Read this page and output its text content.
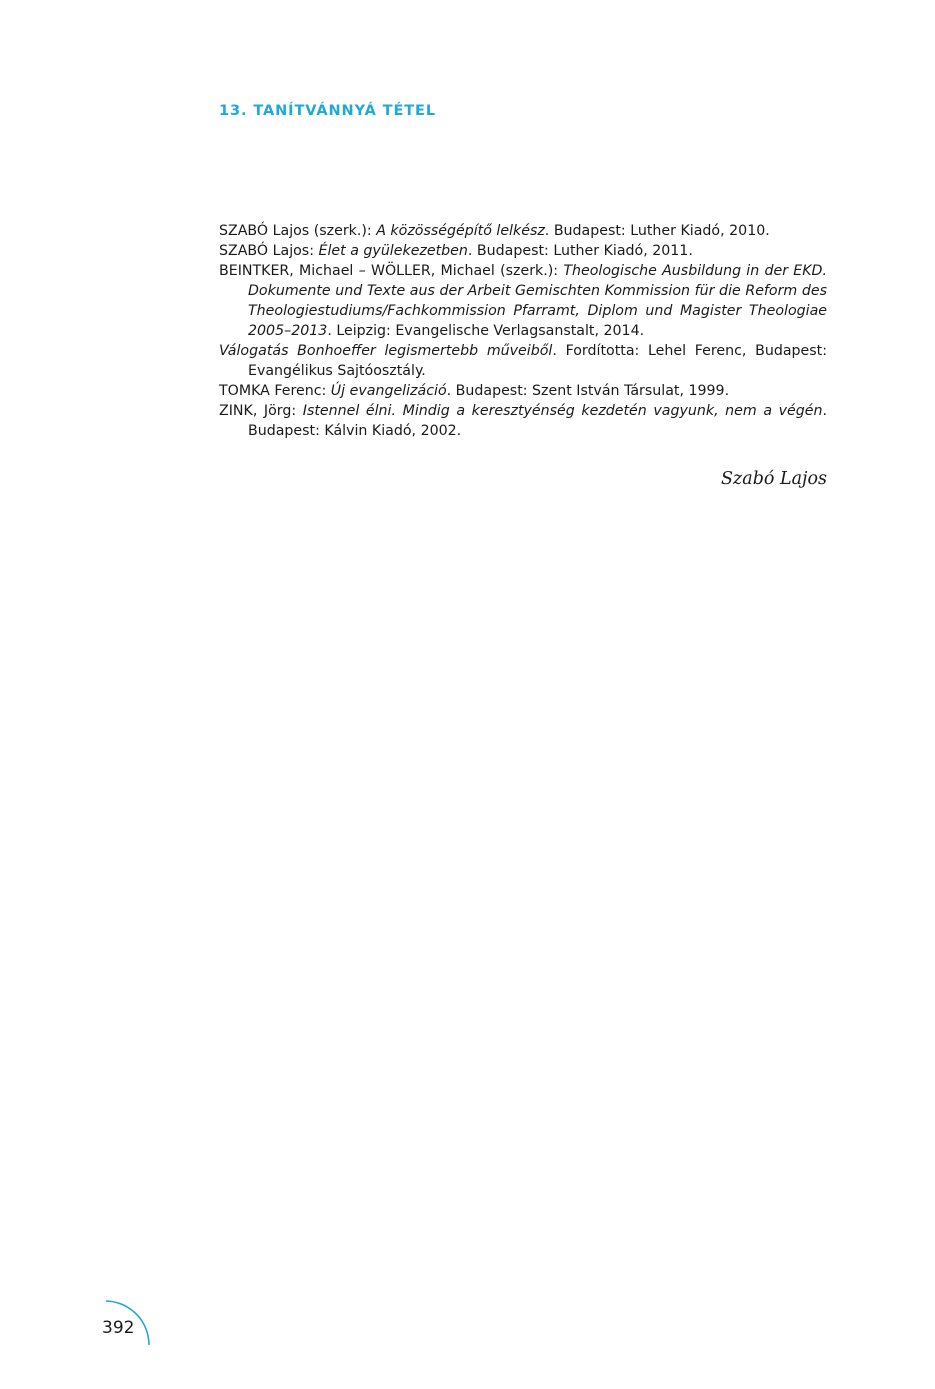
13. TANÍTVÁNNYÁ TÉTEL

SZABÓ Lajos (szerk.): A közösségépítő lelkész. Budapest: Luther Kiadó, 2010.

SZABÓ Lajos: Élet a gyülekezetben. Budapest: Luther Kiadó, 2011.

BEINTKER, Michael – WÖLLER, Michael (szerk.): Theologische Ausbildung in der EKD. Dokumente und Texte aus der Arbeit Gemischten Kommission für die Reform des Theologiestudiums/Fachkommission Pfarramt, Diplom und Magister Theologiae 2005–2013. Leipzig: Evangelische Verlagsanstalt, 2014.

Válogatás Bonhoeffer legismertebb műveiből. Fordította: Lehel Ferenc, Budapest: Evangélikus Sajtóosztály.

TOMKA Ferenc: Új evangelizáció. Budapest: Szent István Társulat, 1999.

ZINK, Jörg: Istennel élni. Mindig a keresztyénség kezdetén vagyunk, nem a végén. Budapest: Kálvin Kiadó, 2002.

Szabó Lajos
392
